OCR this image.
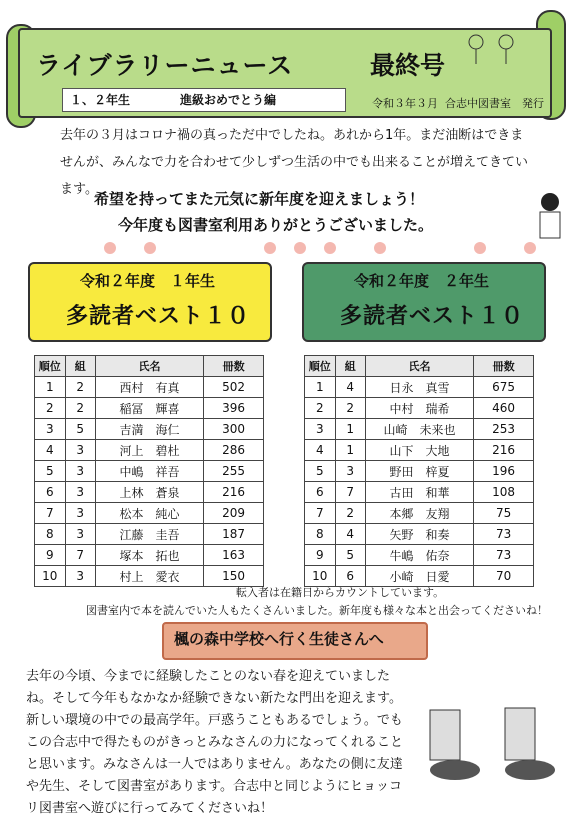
ライブラリーニュース	最終号
１、２年生	進級おめでとう編	令和３年３月 合志中図書室　発行
去年の３月はコロナ禍の真っただ中でしたね。あれから1年。まだ油断はできませんが、みんなで力を合わせて少しずつ生活の中でも出来ることが増えてきています。
希望を持ってまた元気に新年度を迎えましょう！
今年度も図書室利用ありがとうございました。
令和２年度　１年生
多読者ベスト１０
令和２年度　２年生
多読者ベスト１０
順位	組	氏名	冊数
1	2	西村　有真	502
2	2	稲冨　輝喜	396
3	5	吉満　海仁	300
4	3	河上　碧杜	286
5	3	中嶋　祥吾	255
6	3	上林　蒼泉	216
7	3	松本　純心	209
8	3	江藤　圭吾	187
9	7	塚本　拓也	163
10	3	村上　愛衣	150
順位	組	氏名	冊数
1	4	日永　真雪	675
2	2	中村　瑞希	460
3	1	山崎　未来也	253
4	1	山下　大地	216
5	3	野田　梓夏	196
6	7	古田　和華	108
7	2	本郷　友翔	75
8	4	矢野　和奏	73
9	5	牛嶋　佑奈	73
10	6	小崎　日愛	70
転入者は在籍日からカウントしています。
図書室内で本を読んでいた人もたくさんいました。新年度も様々な本と出会ってくださいね！
楓の森中学校へ行く生徒さんへ
去年の今頃、今までに経験したことのない春を迎えていましたね。そして今年もなかなか経験できない新たな門出を迎えます。新しい環境の中での最高学年。戸惑うこともあるでしょう。でもこの合志中で得たものがきっとみなさんの力になってくれることと思います。みなさんは一人ではありません。あなたの側に友達や先生、そして図書室があります。合志中と同じようにヒョッコリ図書室へ遊びに行ってみてくださいね！
